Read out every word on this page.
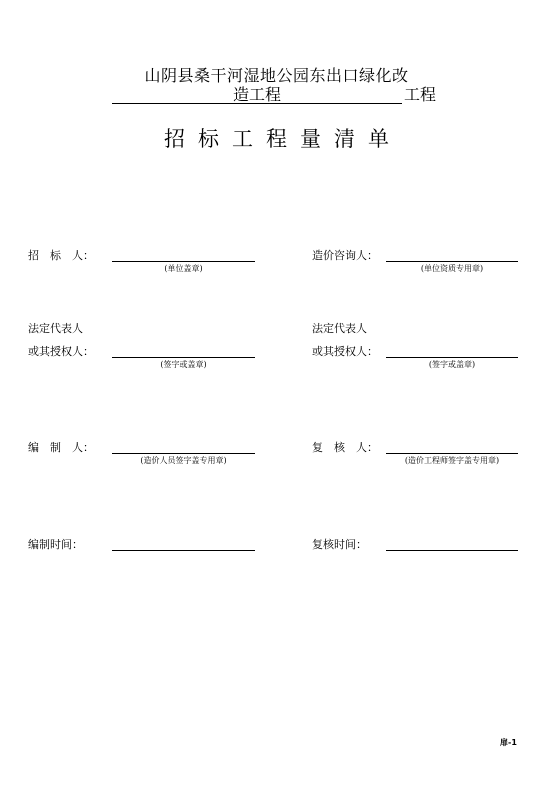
山阴县桑干河湿地公园东出口绿化改
造工程	工程
招标工程量清单
招　标　人：
(单位盖章)
造价咨询人：
(单位资质专用章)
法定代表人
或其授权人：
(签字或盖章)
法定代表人
或其授权人：
(签字或盖章)
编　制　人：
(造价人员签字盖专用章)
复　核　人：
(造价工程师签字盖专用章)
编制时间：	复核时间：
扉-1
